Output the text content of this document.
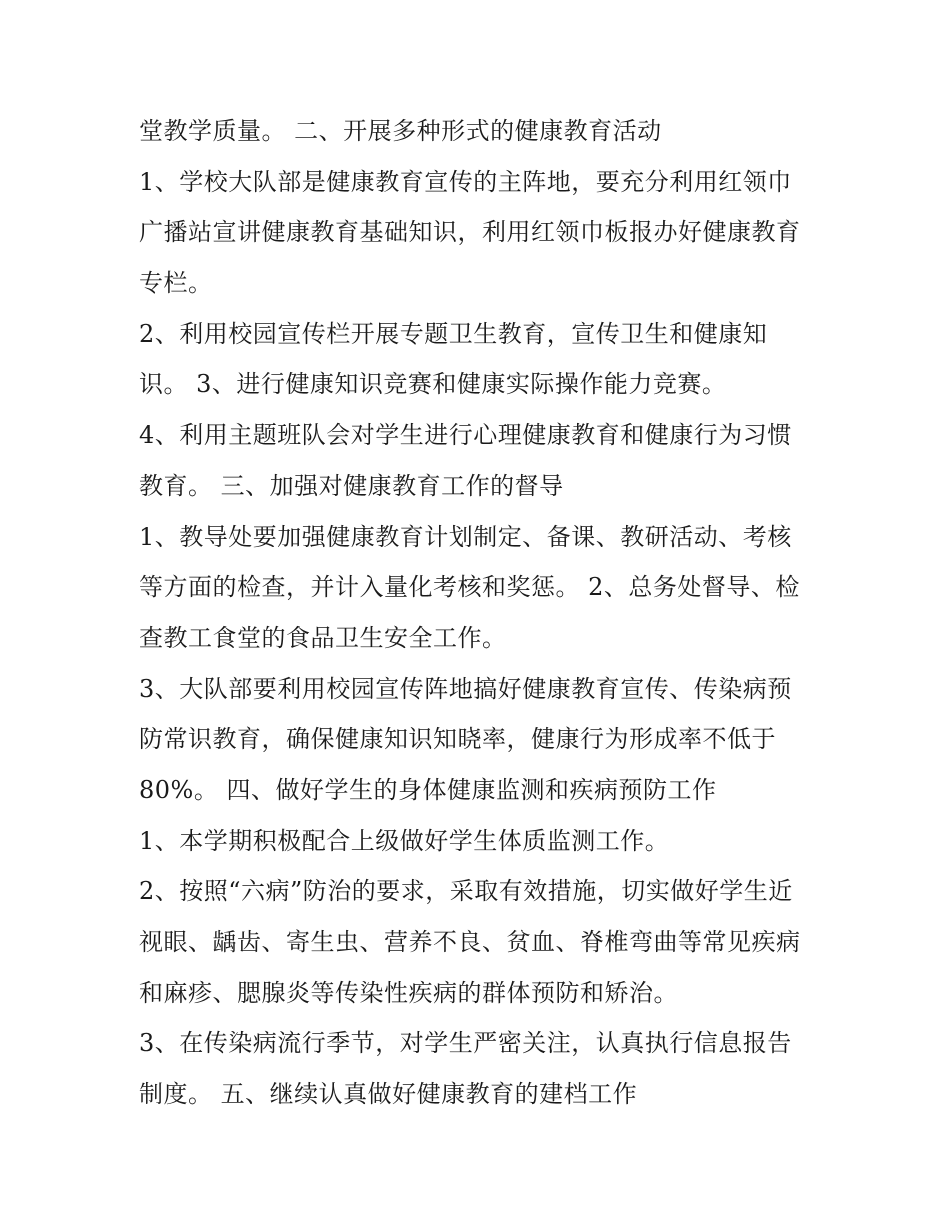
堂教学质量。 二、开展多种形式的健康教育活动
1、学校大队部是健康教育宣传的主阵地，要充分利用红领巾
广播站宣讲健康教育基础知识，利用红领巾板报办好健康教育
专栏。
2、利用校园宣传栏开展专题卫生教育，宣传卫生和健康知
识。 3、进行健康知识竞赛和健康实际操作能力竞赛。
4、利用主题班队会对学生进行心理健康教育和健康行为习惯
教育。 三、加强对健康教育工作的督导
1、教导处要加强健康教育计划制定、备课、教研活动、考核
等方面的检查，并计入量化考核和奖惩。 2、总务处督导、检
查教工食堂的食品卫生安全工作。
3、大队部要利用校园宣传阵地搞好健康教育宣传、传染病预
防常识教育，确保健康知识知晓率，健康行为形成率不低于
80%。 四、做好学生的身体健康监测和疾病预防工作
1、本学期积极配合上级做好学生体质监测工作。
2、按照“六病”防治的要求，采取有效措施，切实做好学生近
视眼、龋齿、寄生虫、营养不良、贫血、脊椎弯曲等常见疾病
和麻疹、腮腺炎等传染性疾病的群体预防和矫治。
3、在传染病流行季节，对学生严密关注，认真执行信息报告
制度。 五、继续认真做好健康教育的建档工作
